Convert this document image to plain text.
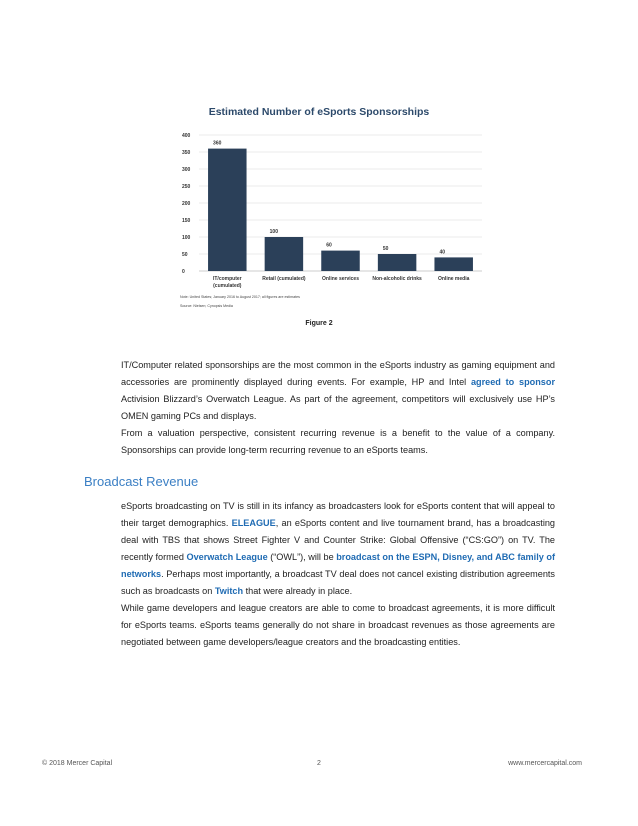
Estimated Number of eSports Sponsorships
0
50
100
150
200
250
300
350
400
360
IT/computer
(cumulated)
100
Retail (cumulated)
60
Online services
50
Non-alcoholic drinks
40
Online media
Note: United States; January 2016 to August 2017; all figures are estimates
Source: Nielsen; Cynopsis Media
Figure 2

IT/Computer related sponsorships are the most common in the eSports industry as gaming equipment and accessories are prominently displayed during events. For example, HP and Intel agreed to sponsor Activision Blizzard’s Overwatch League. As part of the agreement, competitors will exclusively use HP’s OMEN gaming PCs and displays.

From a valuation perspective, consistent recurring revenue is a benefit to the value of a company. Sponsorships can provide long-term recurring revenue to an eSports teams.

Broadcast Revenue

eSports broadcasting on TV is still in its infancy as broadcasters look for eSports content that will appeal to their target demographics. ELEAGUE, an eSports content and live tournament brand, has a broadcasting deal with TBS that shows Street Fighter V and Counter Strike: Global Offensive (“CS:GO”) on TV. The recently formed Overwatch League (“OWL”), will be broadcast on the ESPN, Disney, and ABC family of networks. Perhaps most importantly, a broadcast TV deal does not cancel existing distribution agreements such as broadcasts on Twitch that were already in place.

While game developers and league creators are able to come to broadcast agreements, it is more difficult for eSports teams. eSports teams generally do not share in broadcast revenues as those agreements are negotiated between game developers/league creators and the broadcasting entities.

© 2018 Mercer Capital	2	www.mercercapital.com
